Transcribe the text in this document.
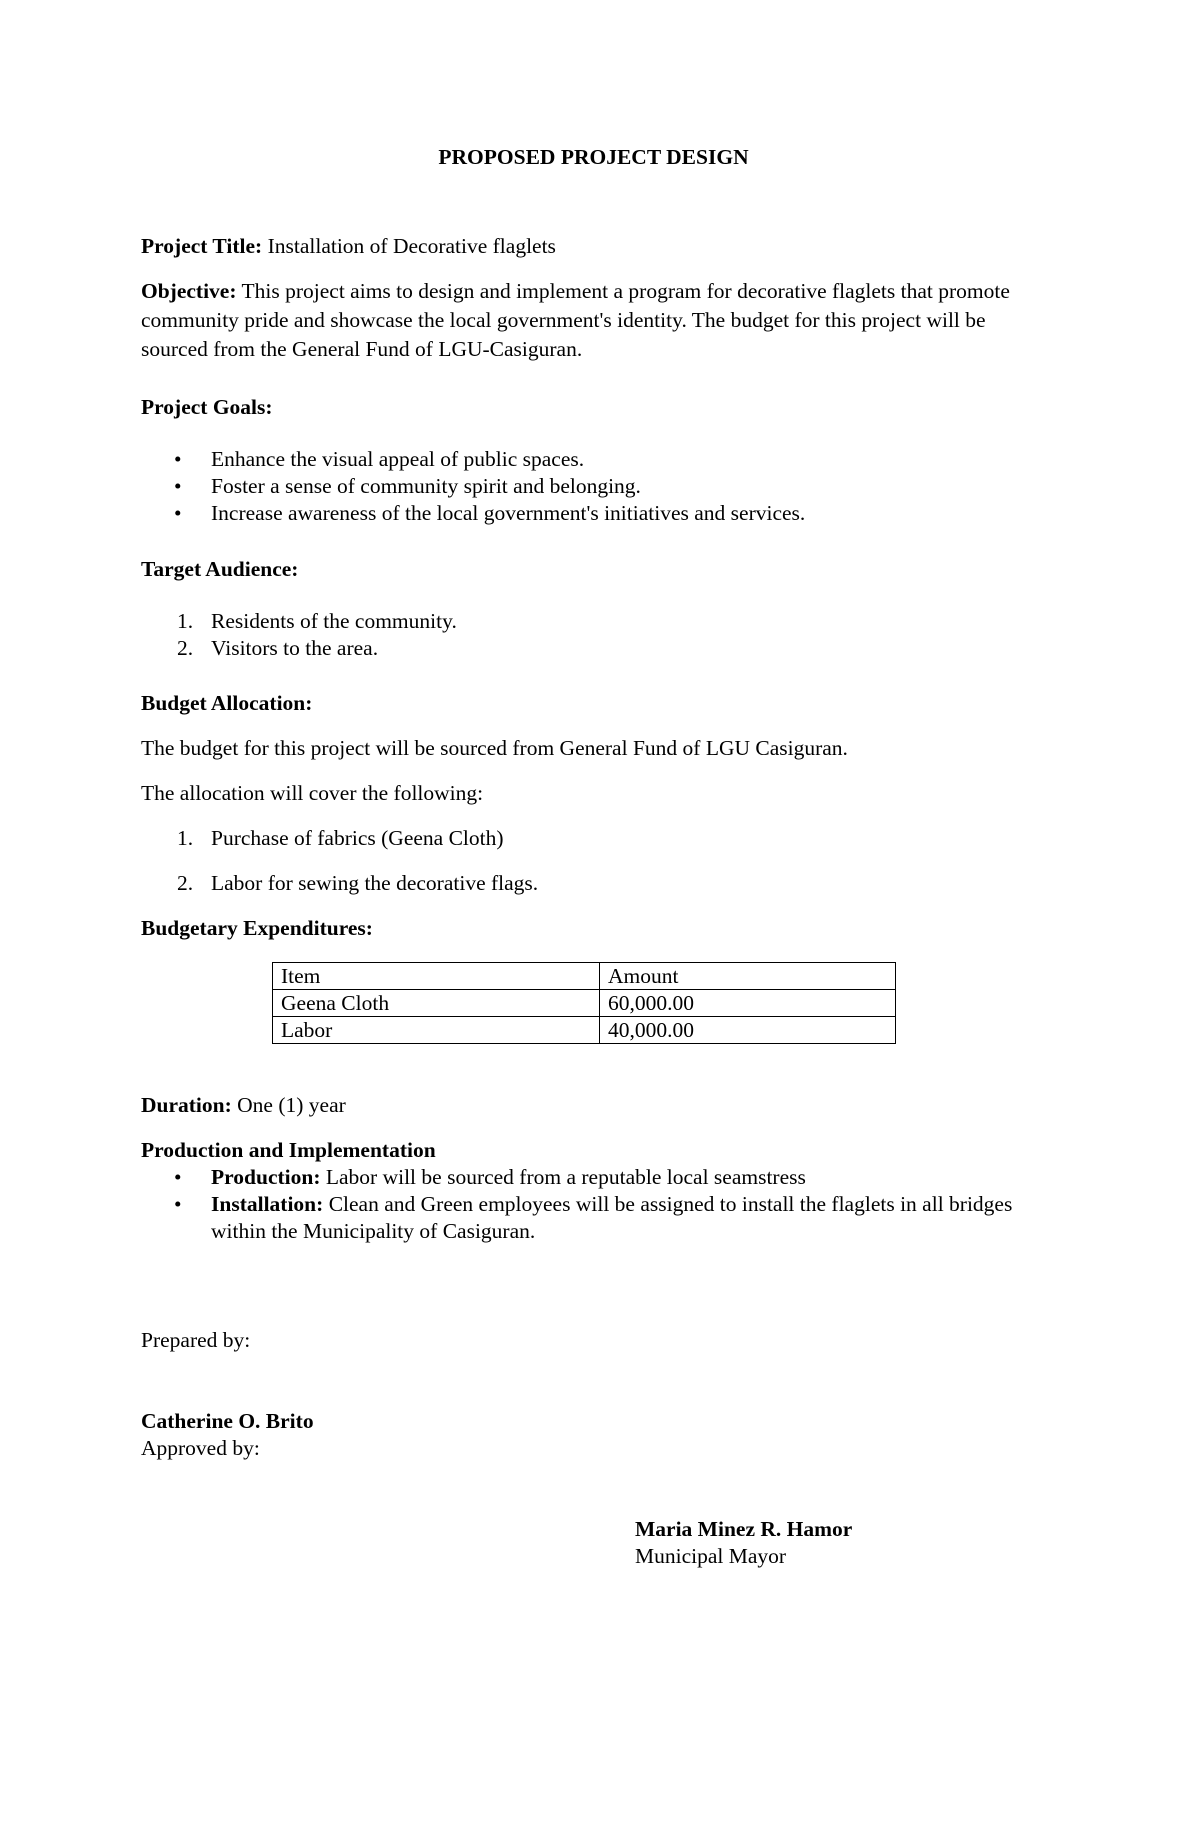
PROPOSED PROJECT DESIGN
Project Title: Installation of Decorative flaglets
Objective: This project aims to design and implement a program for decorative flaglets that promote community pride and showcase the local government's identity. The budget for this project will be sourced from the General Fund of LGU-Casiguran.
Project Goals:
• Enhance the visual appeal of public spaces.
• Foster a sense of community spirit and belonging.
• Increase awareness of the local government's initiatives and services.
Target Audience:
1. Residents of the community.
2. Visitors to the area.
Budget Allocation:
The budget for this project will be sourced from General Fund of LGU Casiguran.
The allocation will cover the following:
1. Purchase of fabrics (Geena Cloth)
2. Labor for sewing the decorative flags.
Budgetary Expenditures:
Item	Amount
Geena Cloth	60,000.00
Labor	40,000.00
Duration: One (1) year
Production and Implementation
• Production: Labor will be sourced from a reputable local seamstress
• Installation: Clean and Green employees will be assigned to install the flaglets in all bridges within the Municipality of Casiguran.
Prepared by:
Catherine O. Brito
Approved by:
Maria Minez R. Hamor
Municipal Mayor
